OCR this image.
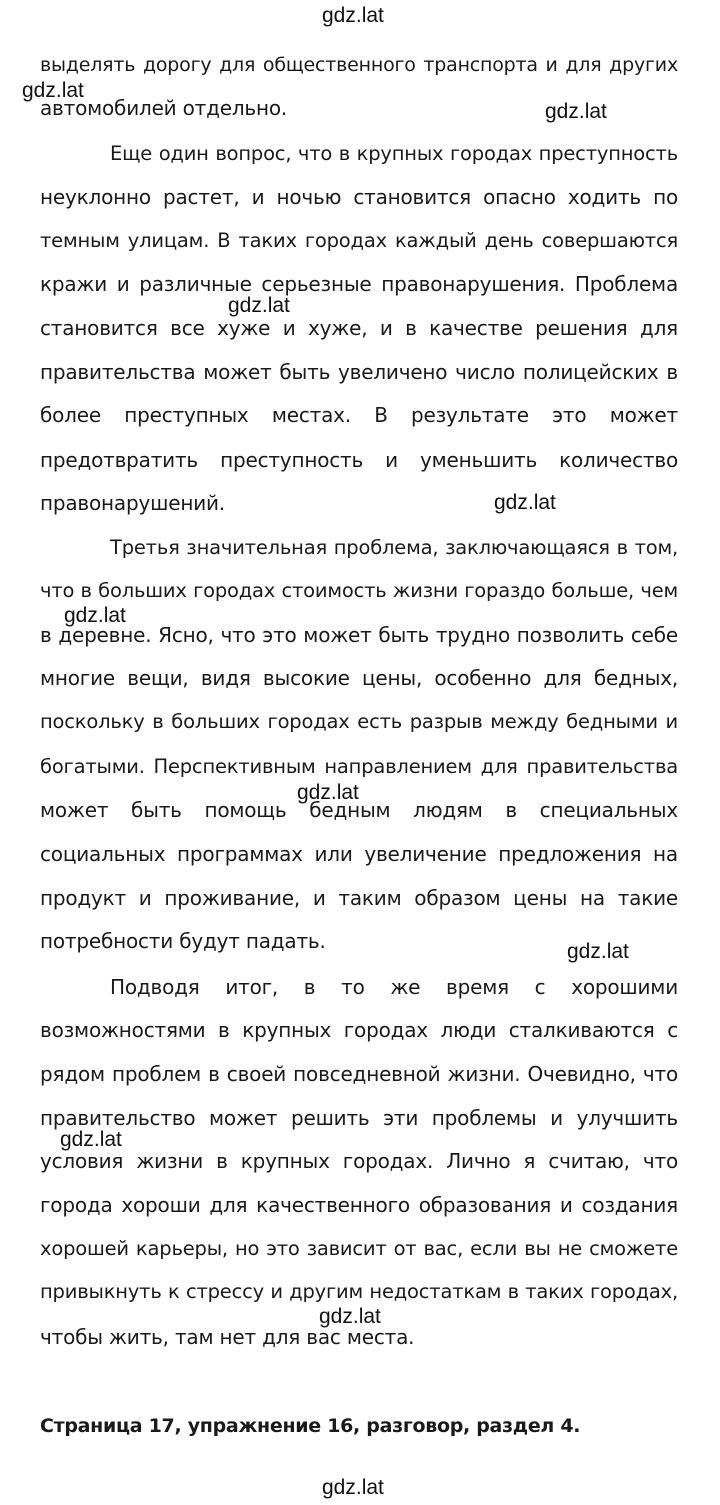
gdz.lat
gdz.lat
gdz.lat
gdz.lat
gdz.lat
gdz.lat
gdz.lat
gdz.lat
gdz.lat
gdz.lat
gdz.lat
выделять дорогу для общественного транспорта и для других
автомобилей отдельно.
Еще один вопрос, что в крупных городах преступность
неуклонно растет, и ночью становится опасно ходить по
темным улицам. В таких городах каждый день совершаются
кражи и различные серьезные правонарушения. Проблема
становится все хуже и хуже, и в качестве решения для
правительства может быть увеличено число полицейских в
более преступных местах. В результате это может
предотвратить преступность и уменьшить количество
правонарушений.
Третья значительная проблема, заключающаяся в том,
что в больших городах стоимость жизни гораздо больше, чем
в деревне. Ясно, что это может быть трудно позволить себе
многие вещи, видя высокие цены, особенно для бедных,
поскольку в больших городах есть разрыв между бедными и
богатыми. Перспективным направлением для правительства
может быть помощь бедным людям в специальных
социальных программах или увеличение предложения на
продукт и проживание, и таким образом цены на такие
потребности будут падать.
Подводя итог, в то же время с хорошими
возможностями в крупных городах люди сталкиваются с
рядом проблем в своей повседневной жизни. Очевидно, что
правительство может решить эти проблемы и улучшить
условия жизни в крупных городах. Лично я считаю, что
города хороши для качественного образования и создания
хорошей карьеры, но это зависит от вас, если вы не сможете
привыкнуть к стрессу и другим недостаткам в таких городах,
чтобы жить, там нет для вас места.
Страница 17, упражнение 16, разговор, раздел 4.
